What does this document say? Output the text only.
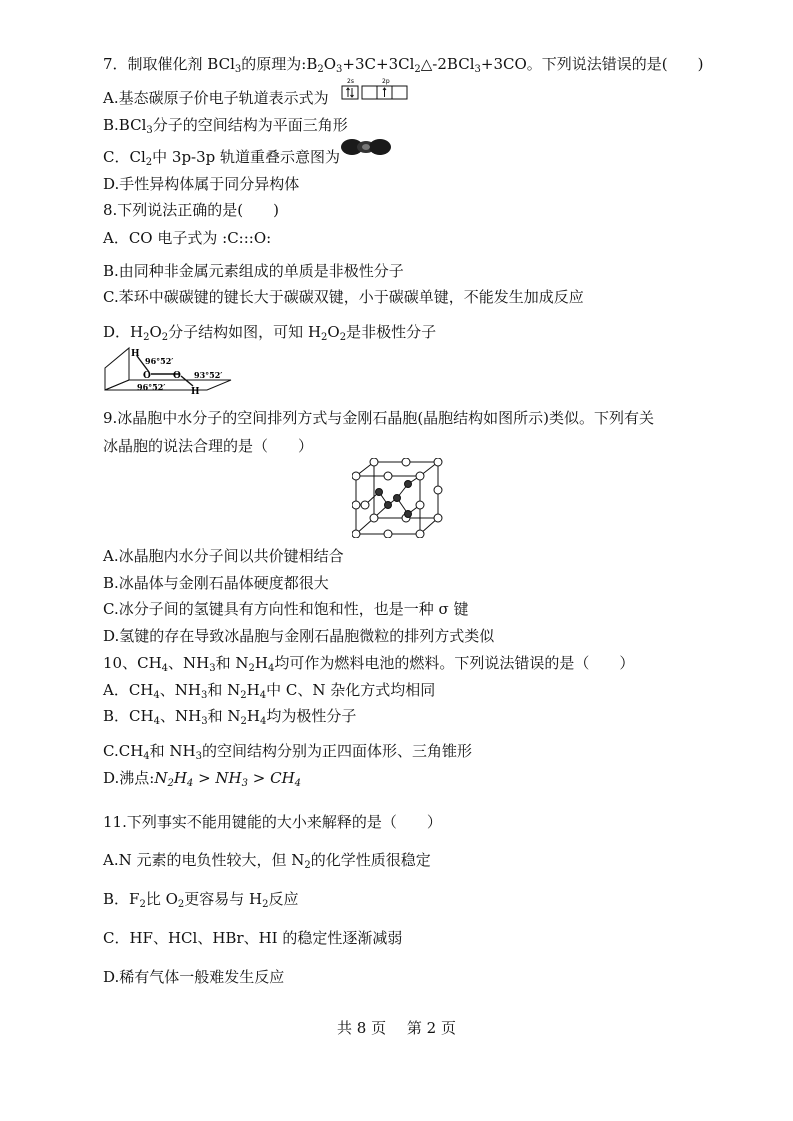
7．制取催化剂 BCl$_3$的原理为$:B_2O_3+3C+3Cl_2\triangle-2BCl_3+3CO$。下列说法错误的是(　　)
A.基态碳原子价电子轨道表示式为
2s	2p
B.BCl$_3$分子的空间结构为平面三角形
C．$Cl_2$中 3p-3p 轨道重叠示意图为
D.手性异构体属于同分异构体
8.下列说法正确的是(　　)
A．CO 电子式为 :C:::O:
B.由同种非金属元素组成的单质是非极性分子
C.苯环中碳碳键的键长大于碳碳双键，小于碳碳单键，不能发生加成反应
D．$H_2O_2$分子结构如图，可知 $H_2O_2$是非极性分子
H
96°52′
O O 93°52′
96°52′	H
9.冰晶胞中水分子的空间排列方式与金刚石晶胞(晶胞结构如图所示)类似。下列有关
冰晶胞的说法合理的是（　　）
A.冰晶胞内水分子间以共价键相结合
B.冰晶体与金刚石晶体硬度都很大
C.冰分子间的氢键具有方向性和饱和性，也是一种 σ 键
D.氢键的存在导致冰晶胞与金刚石晶胞微粒的排列方式类似
10、$CH_4$、$NH_3$和 $N_2H_4$均可作为燃料电池的燃料。下列说法错误的是（　　）
A．$CH_4$、$NH_3$和 $N_2H_4$中 C、N 杂化方式均相同
B．$CH_4$、$NH_3$和 $N_2H_4$均为极性分子
$C.CH_4$和 $NH_3$的空间结构分别为正四面体形、三角锥形
D.沸点$:N_2H_4 > NH_3 > CH_4$
11.下列事实不能用键能的大小来解释的是（　　）
A.N 元素的电负性较大，但 $N_2$的化学性质很稳定
B．$F_2$比 $O_2$更容易与 $H_2$反应
C．HF、HCl、HBr、HI 的稳定性逐渐减弱
D.稀有气体一般难发生反应
共 8 页 第 2 页
